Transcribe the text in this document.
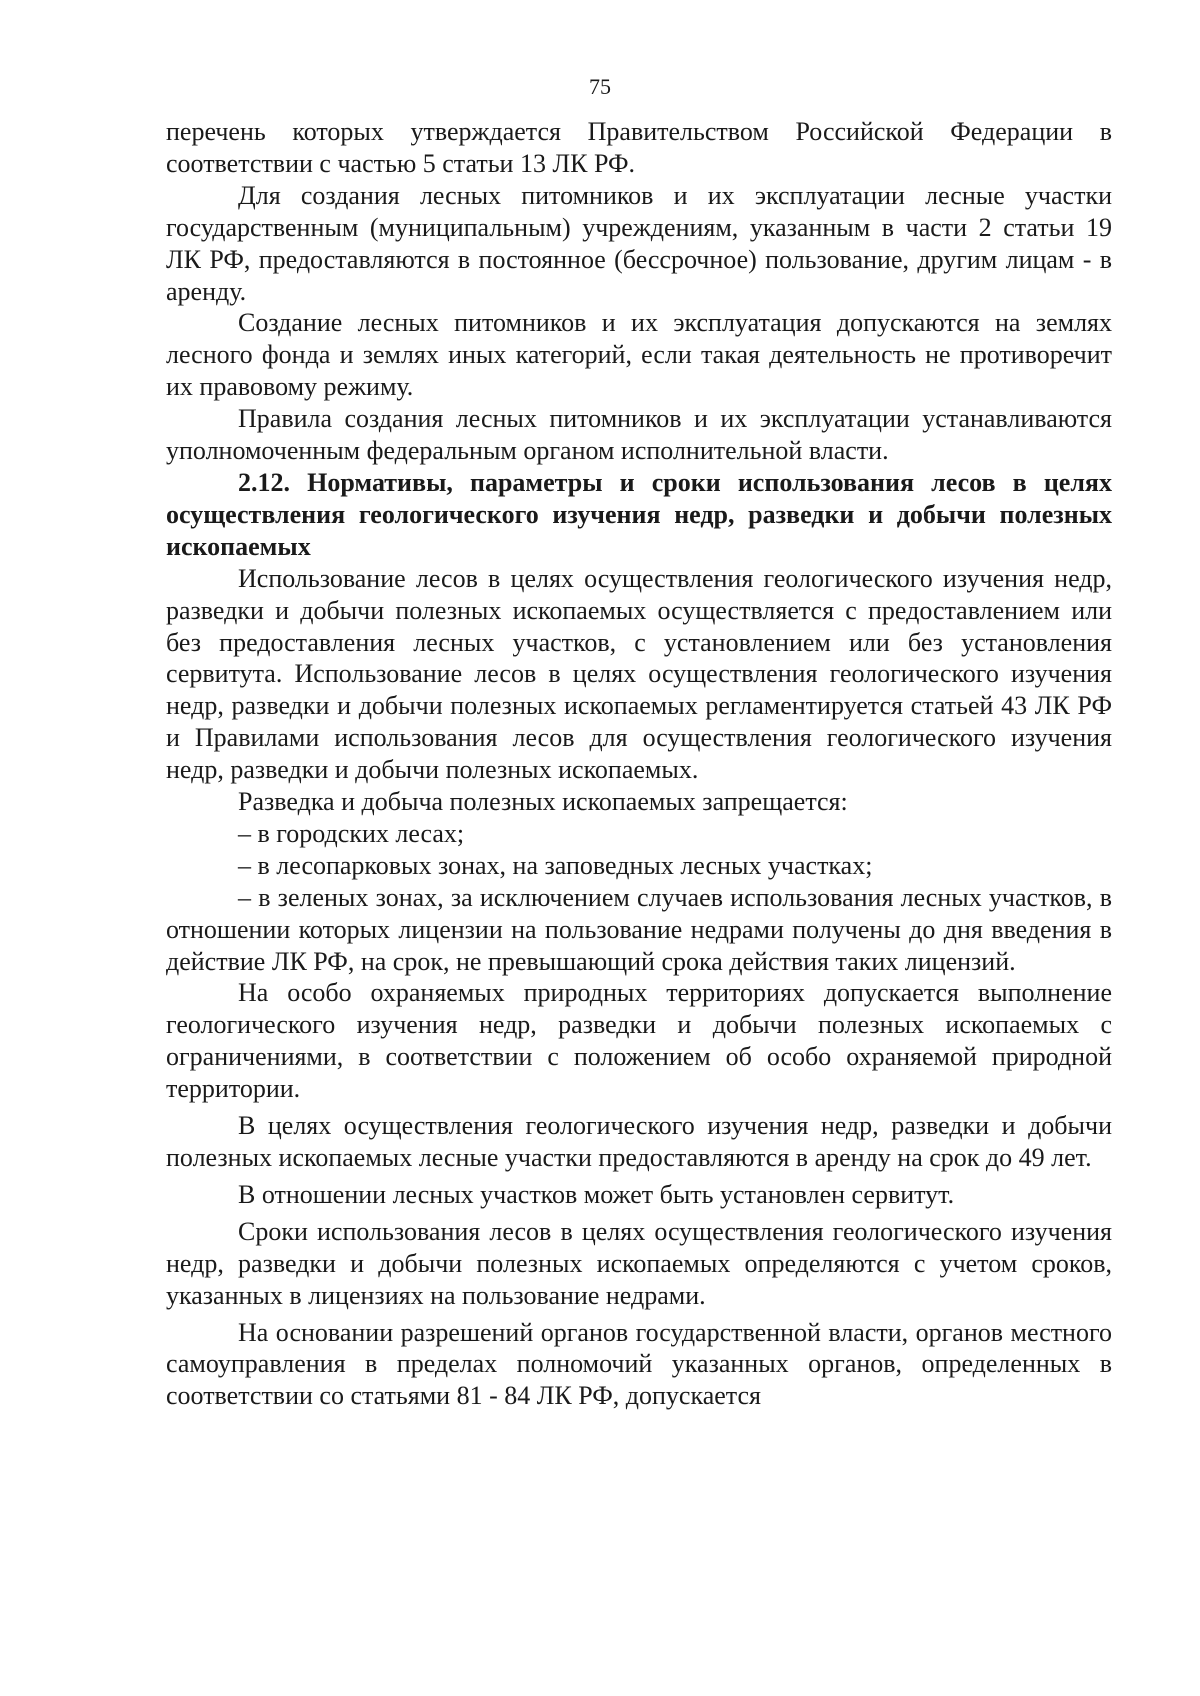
75

перечень которых утверждается Правительством Российской Федерации в соответствии с частью 5 статьи 13 ЛК РФ.

Для создания лесных питомников и их эксплуатации лесные участки государственным (муниципальным) учреждениям, указанным в части 2 статьи 19 ЛК РФ, предоставляются в постоянное (бессрочное) пользование, другим лицам - в аренду.

Создание лесных питомников и их эксплуатация допускаются на землях лесного фонда и землях иных категорий, если такая деятельность не противоречит их правовому режиму.

Правила создания лесных питомников и их эксплуатации устанавливаются уполномоченным федеральным органом исполнительной власти.

2.12. Нормативы, параметры и сроки использования лесов в целях осуществления геологического изучения недр, разведки и добычи полезных ископаемых

Использование лесов в целях осуществления геологического изучения недр, разведки и добычи полезных ископаемых осуществляется с предоставлением или без предоставления лесных участков, с установлением или без установления сервитута. Использование лесов в целях осуществления геологического изучения недр, разведки и добычи полезных ископаемых регламентируется статьей 43 ЛК РФ и Правилами использования лесов для осуществления геологического изучения недр, разведки и добычи полезных ископаемых.

Разведка и добыча полезных ископаемых запрещается:

– в городских лесах;

– в лесопарковых зонах, на заповедных лесных участках;

– в зеленых зонах, за исключением случаев использования лесных участков, в отношении которых лицензии на пользование недрами получены до дня введения в действие ЛК РФ, на срок, не превышающий срока действия таких лицензий.

На особо охраняемых природных территориях допускается выполнение геологического изучения недр, разведки и добычи полезных ископаемых с ограничениями, в соответствии с положением об особо охраняемой природной территории.

В целях осуществления геологического изучения недр, разведки и добычи полезных ископаемых лесные участки предоставляются в аренду на срок до 49 лет.

В отношении лесных участков может быть установлен сервитут.

Сроки использования лесов в целях осуществления геологического изучения недр, разведки и добычи полезных ископаемых определяются с учетом сроков, указанных в лицензиях на пользование недрами.

На основании разрешений органов государственной власти, органов местного самоуправления в пределах полномочий указанных органов, определенных в соответствии со статьями 81 - 84 ЛК РФ, допускается
